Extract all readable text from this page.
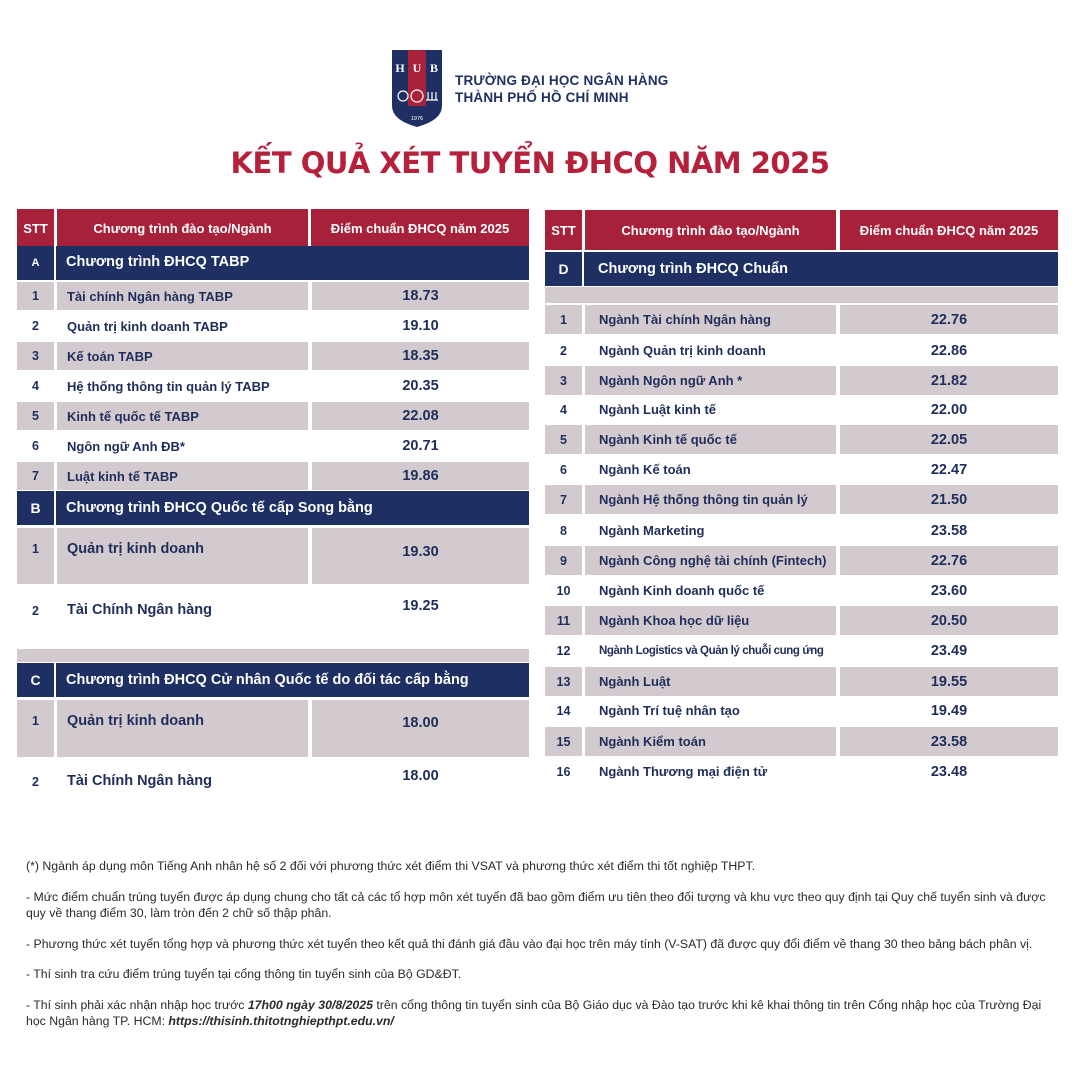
H U B
1976
TRƯỜNG ĐẠI HỌC NGÂN HÀNG
THÀNH PHỐ HỒ CHÍ MINH
KẾT QUẢ XÉT TUYỂN ĐHCQ NĂM 2025
STT	Chương trình đào tạo/Ngành	Điểm chuẩn ĐHCQ năm 2025
A	Chương trình ĐHCQ TABP
1	Tài chính Ngân hàng TABP	18.73
2	Quản trị kinh doanh TABP	19.10
3	Kế toán TABP	18.35
4	Hệ thống thông tin quản lý TABP	20.35
5	Kinh tế quốc tế TABP	22.08
6	Ngôn ngữ Anh ĐB*	20.71
7	Luật kinh tế TABP	19.86
B	Chương trình ĐHCQ Quốc tế cấp Song bằng
1	Quản trị kinh doanh	19.30
2	Tài Chính Ngân hàng	19.25
C	Chương trình ĐHCQ Cử nhân Quốc tế do đối tác cấp bằng
1	Quản trị kinh doanh	18.00
2	Tài Chính Ngân hàng	18.00
STT	Chương trình đào tạo/Ngành	Điểm chuẩn ĐHCQ năm 2025
D	Chương trình ĐHCQ Chuẩn
1	Ngành Tài chính Ngân hàng	22.76
2	Ngành Quản trị kinh doanh	22.86
3	Ngành Ngôn ngữ Anh *	21.82
4	Ngành Luật kinh tế	22.00
5	Ngành Kinh tế quốc tế	22.05
6	Ngành Kế toán	22.47
7	Ngành Hệ thống thông tin quản lý	21.50
8	Ngành Marketing	23.58
9	Ngành Công nghệ tài chính (Fintech)	22.76
10	Ngành Kinh doanh quốc tế	23.60
11	Ngành Khoa học dữ liệu	20.50
12	Ngành Logistics và Quản lý chuỗi cung ứng	23.49
13	Ngành Luật	19.55
14	Ngành Trí tuệ nhân tạo	19.49
15	Ngành Kiểm toán	23.58
16	Ngành Thương mại điện tử	23.48

(*) Ngành áp dụng môn Tiếng Anh nhân hệ số 2 đối với phương thức xét điểm thi VSAT và phương thức xét điểm thi tốt nghiệp THPT.

- Mức điểm chuẩn trúng tuyển được áp dụng chung cho tất cả các tổ hợp môn xét tuyển đã bao gồm điểm ưu tiên theo đối tượng và khu vực theo quy định tại Quy chế tuyển sinh và được quy về thang điểm 30, làm tròn đến 2 chữ số thập phân.

- Phương thức xét tuyển tổng hợp và phương thức xét tuyển theo kết quả thi đánh giá đầu vào đại học trên máy tính (V-SAT) đã được quy đổi điểm về thang 30 theo bảng bách phân vị.

- Thí sinh tra cứu điểm trúng tuyển tại cổng thông tin tuyển sinh của Bộ GD&ĐT.

- Thí sinh phải xác nhận nhập học trước 17h00 ngày 30/8/2025 trên cổng thông tin tuyển sinh của Bộ Giáo dục và Đào tạo trước khi kê khai thông tin trên Cổng nhập học của Trường Đại học Ngân hàng TP. HCM: https://thisinh.thitotnghiepthpt.edu.vn/
